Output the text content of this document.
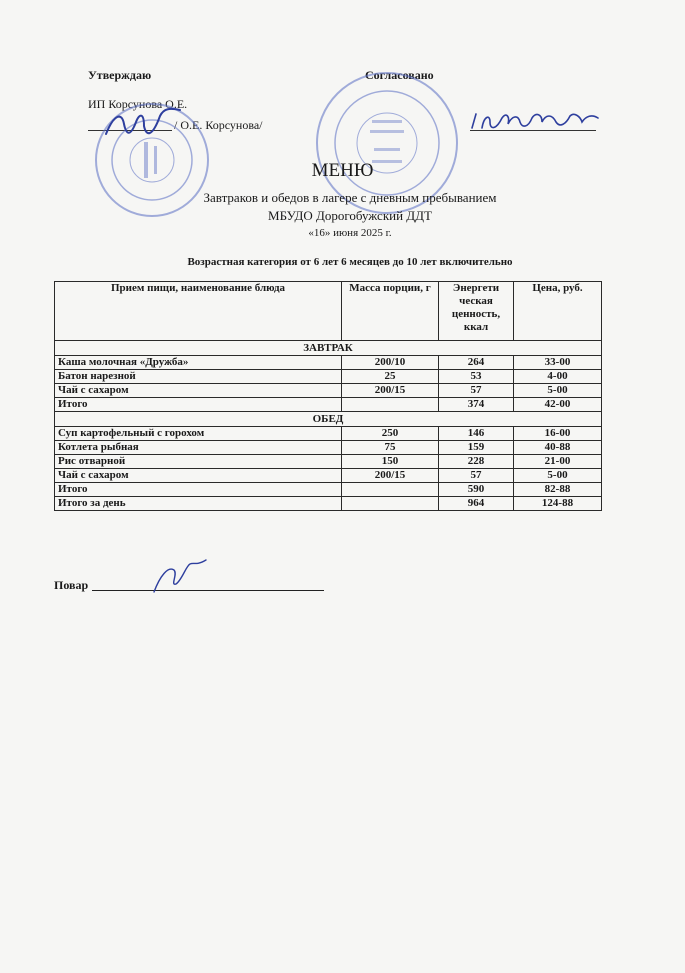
Утверждаю
ИП Корсунова О.Е.
/ О.Е. Корсунова/
Согласовано
МЕНЮ
Завтраков и обедов в лагере с дневным пребыванием
МБУДО Дорогобужский ДДТ
«16» июня 2025 г.
Возрастная категория от 6 лет 6 месяцев до 10 лет включительно
Прием пищи, наименование блюда	Масса порции, г	Энергети ческая ценность, ккал	Цена, руб.
ЗАВТРАК			
Каша молочная «Дружба»	200/10	264	33-00
Батон нарезной	25	53	4-00
Чай с сахаром	200/15	57	5-00
Итого		374	42-00
ОБЕД			
Суп картофельный с горохом	250	146	16-00
Котлета рыбная	75	159	40-88
Рис отварной	150	228	21-00
Чай с сахаром	200/15	57	5-00
Итого		590	82-88
Итого за день		964	124-88
Повар
